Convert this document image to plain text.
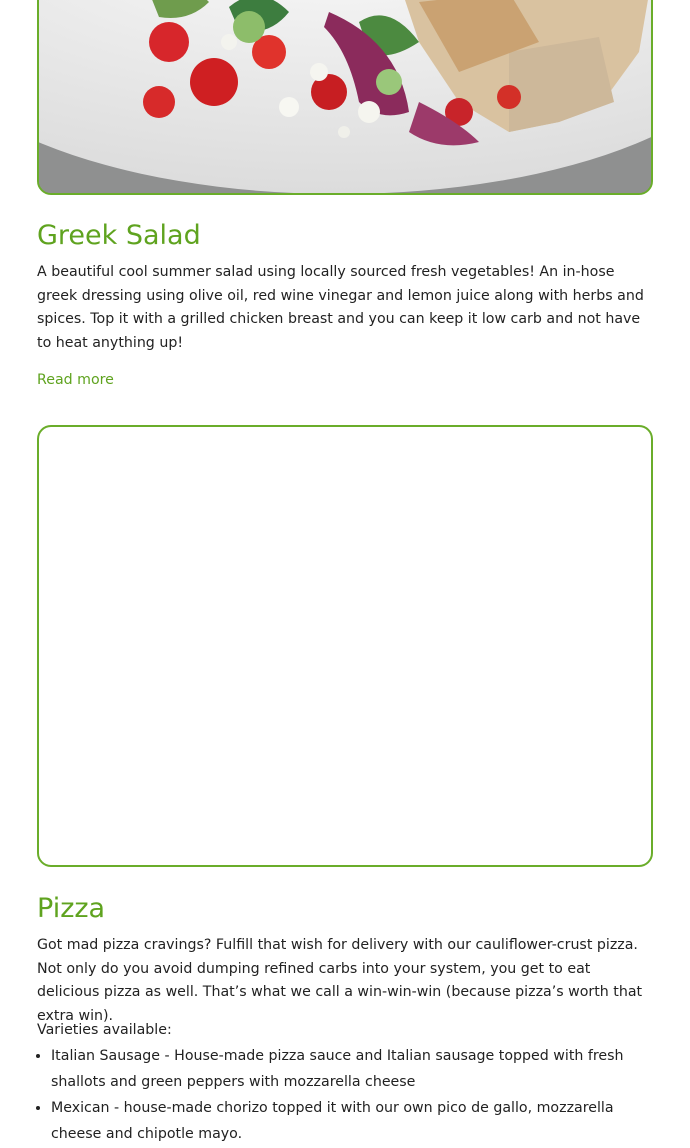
Greek Salad

A beautiful cool summer salad using locally sourced fresh vegetables! An in-hose greek dressing using olive oil, red wine vinegar and lemon juice along with herbs and spices. Top it with a grilled chicken breast and you can keep it low carb and not have to heat anything up!

Read more
Pizza

Got mad pizza cravings? Fulfill that wish for delivery with our cauliflower-crust pizza. Not only do you avoid dumping refined carbs into your system, you get to eat delicious pizza as well. That’s what we call a win-win-win (because pizza’s worth that extra win).

Varieties available:

• Italian Sausage - House-made pizza sauce and Italian sausage topped with fresh shallots and green peppers with mozzarella cheese
• Mexican - house-made chorizo topped it with our own pico de gallo, mozzarella cheese and chipotle mayo.
